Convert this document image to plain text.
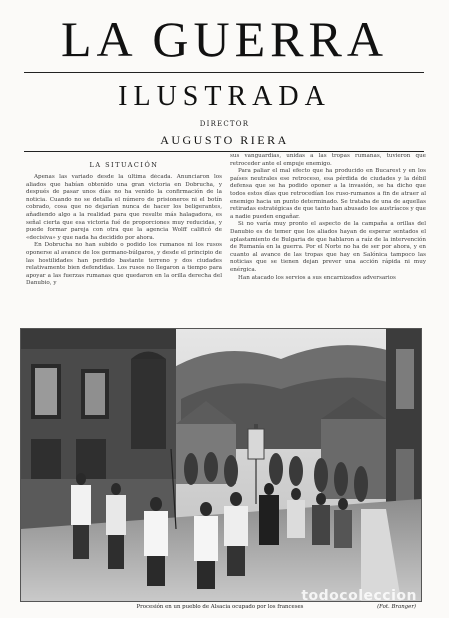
LA GUERRA
ILUSTRADA
DIRECTOR
AUGUSTO RIERA
LA SITUACIÓN

Apenas las variado desde la última década. Anunciaron los aliados que habían obtenido una gran victoria en Dobrucha, y después de pasar unos días no ha venido la confirmación de la noticia. Cuando no se detalla el número de prisioneros ni el botín cobrado, cosa que no dejarían nunca de hacer los beligerantes, añadiendo algo a la realidad para que resulte más halagadora, es señal cierta que esa victoria fué de proporciones muy reducidas, y puede formar pareja con otra que la agencia Wolff calificó de «decisiva» y que nada ha decidido por ahora.

En Dobrucha no han subido o podido los rumanos ni los rusos oponerse al avance de los germano-búlgaros, y desde el principio de las hostilidades han perdido bastante terreno y dos ciudades relativamente bien defendidas. Los rusos no llegaron a tiempo para apoyar a las fuerzas rumanas que quedaron en la orilla derecha del Danubio, y

sus vanguardias, unidas a las tropas rumanas, tuvieron que retroceder ante el empuje enemigo.

Para paliar el mal efecto que ha producido en Bucarest y en los países neutrales ese retroceso, esa pérdida de ciudades y la débil defensa que se ha podido oponer a la invasión, se ha dicho que todos estos días que retrocedían los ruso-rumanos a fin de atraer al enemigo hacia un punto determinado. Se trataba de una de aquellas retiradas estratégicas de que tanto han abusado los austríacos y que a nadie pueden engañar.

Si no varía muy pronto el aspecto de la campaña a orillas del Danubio es de temer que los aliados hayan de esperar sentados el aplastamiento de Bulgaria de que hablaron a raíz de la intervención de Rumanía en la guerra. Por el Norte no ha de ser por ahora, y en cuanto al avance de las tropas que hay en Salónica tampoco las noticias que se tienen dejan prever una acción rápida ni muy enérgica.

Han atacado los servios a sus encarnizados adversarios

todocoleccion
Procesión en un pueblo de Alsacia ocupado por los franceses	(Fot. Branger)
